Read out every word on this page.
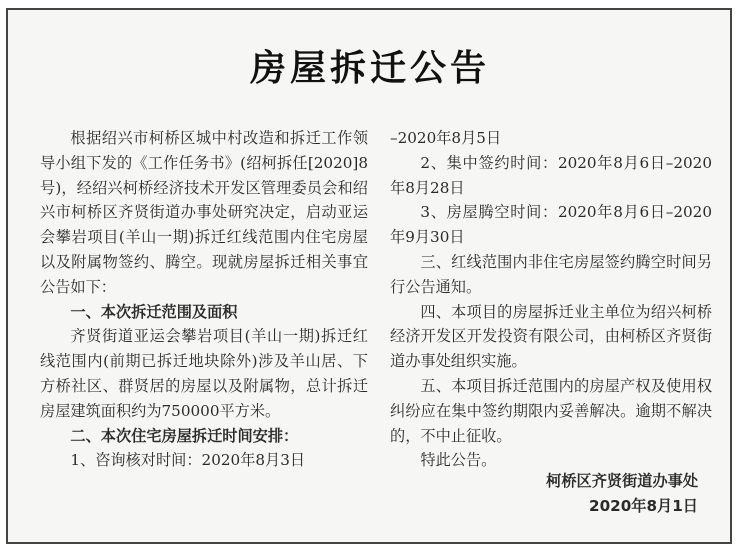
房屋拆迁公告

根据绍兴市柯桥区城中村改造和拆迁工作领导小组下发的《工作任务书》(绍柯拆任[2020]8号)，经绍兴柯桥经济技术开发区管理委员会和绍兴市柯桥区齐贤街道办事处研究决定，启动亚运会攀岩项目(羊山一期)拆迁红线范围内住宅房屋以及附属物签约、腾空。现就房屋拆迁相关事宜公告如下：

一、本次拆迁范围及面积

齐贤街道亚运会攀岩项目(羊山一期)拆迁红线范围内(前期已拆迁地块除外)涉及羊山居、下方桥社区、群贤居的房屋以及附属物，总计拆迁房屋建筑面积约为750000平方米。

二、本次住宅房屋拆迁时间安排：

1、咨询核对时间：2020年8月3日

–2020年8月5日

2、集中签约时间：2020年8月6日–2020年8月28日

3、房屋腾空时间：2020年8月6日–2020年9月30日

三、红线范围内非住宅房屋签约腾空时间另行公告通知。

四、本项目的房屋拆迁业主单位为绍兴柯桥经济开发区开发投资有限公司，由柯桥区齐贤街道办事处组织实施。

五、本项目拆迁范围内的房屋产权及使用权纠纷应在集中签约期限内妥善解决。逾期不解决的，不中止征收。

特此公告。

柯桥区齐贤街道办事处
2020年8月1日
